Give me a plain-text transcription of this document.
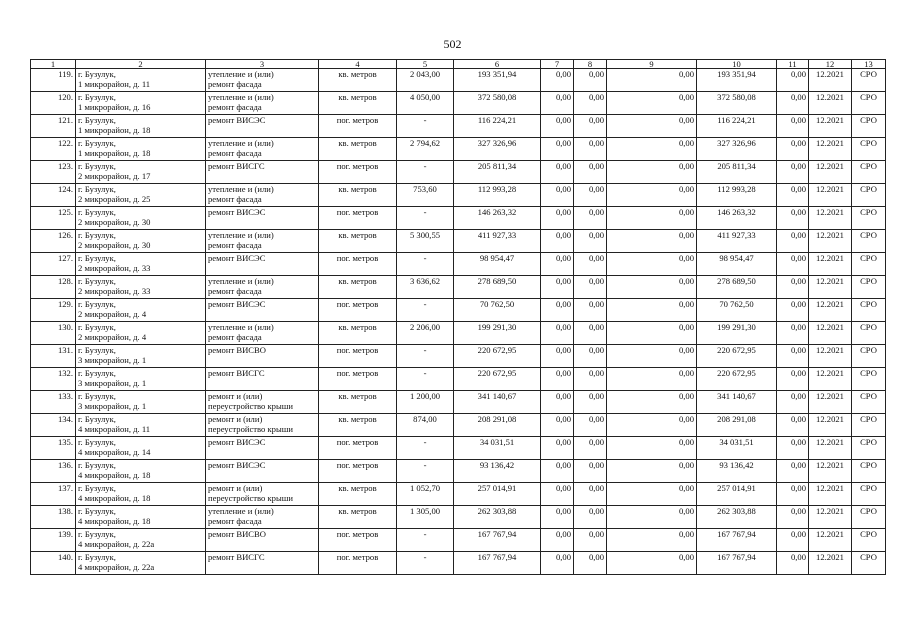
502
1	2	3	4	5	6	7	8	9	10	11	12	13
119.	г. Бузулук,
1 микрорайон, д. 11	утепление и (или)
ремонт фасада	кв. метров	2 043,00	193 351,94	0,00	0,00	0,00	193 351,94	0,00	12.2021	СРО
120.	г. Бузулук,
1 микрорайон, д. 16	утепление и (или)
ремонт фасада	кв. метров	4 050,00	372 580,08	0,00	0,00	0,00	372 580,08	0,00	12.2021	СРО
121.	г. Бузулук,
1 микрорайон, д. 18	ремонт ВИСЭС	пог. метров	-	116 224,21	0,00	0,00	0,00	116 224,21	0,00	12.2021	СРО
122.	г. Бузулук,
1 микрорайон, д. 18	утепление и (или)
ремонт фасада	кв. метров	2 794,62	327 326,96	0,00	0,00	0,00	327 326,96	0,00	12.2021	СРО
123.	г. Бузулук,
2 микрорайон, д. 17	ремонт ВИСГС	пог. метров	-	205 811,34	0,00	0,00	0,00	205 811,34	0,00	12.2021	СРО
124.	г. Бузулук,
2 микрорайон, д. 25	утепление и (или)
ремонт фасада	кв. метров	753,60	112 993,28	0,00	0,00	0,00	112 993,28	0,00	12.2021	СРО
125.	г. Бузулук,
2 микрорайон, д. 30	ремонт ВИСЭС	пог. метров	-	146 263,32	0,00	0,00	0,00	146 263,32	0,00	12.2021	СРО
126.	г. Бузулук,
2 микрорайон, д. 30	утепление и (или)
ремонт фасада	кв. метров	5 300,55	411 927,33	0,00	0,00	0,00	411 927,33	0,00	12.2021	СРО
127.	г. Бузулук,
2 микрорайон, д. 33	ремонт ВИСЭС	пог. метров	-	98 954,47	0,00	0,00	0,00	98 954,47	0,00	12.2021	СРО
128.	г. Бузулук,
2 микрорайон, д. 33	утепление и (или)
ремонт фасада	кв. метров	3 636,62	278 689,50	0,00	0,00	0,00	278 689,50	0,00	12.2021	СРО
129.	г. Бузулук,
2 микрорайон, д. 4	ремонт ВИСЭС	пог. метров	-	70 762,50	0,00	0,00	0,00	70 762,50	0,00	12.2021	СРО
130.	г. Бузулук,
2 микрорайон, д. 4	утепление и (или)
ремонт фасада	кв. метров	2 206,00	199 291,30	0,00	0,00	0,00	199 291,30	0,00	12.2021	СРО
131.	г. Бузулук,
3 микрорайон, д. 1	ремонт ВИСВО	пог. метров	-	220 672,95	0,00	0,00	0,00	220 672,95	0,00	12.2021	СРО
132.	г. Бузулук,
3 микрорайон, д. 1	ремонт ВИСГС	пог. метров	-	220 672,95	0,00	0,00	0,00	220 672,95	0,00	12.2021	СРО
133.	г. Бузулук,
3 микрорайон, д. 1	ремонт и (или)
переустройство крыши	кв. метров	1 200,00	341 140,67	0,00	0,00	0,00	341 140,67	0,00	12.2021	СРО
134.	г. Бузулук,
4 микрорайон, д. 11	ремонт и (или)
переустройство крыши	кв. метров	874,00	208 291,08	0,00	0,00	0,00	208 291,08	0,00	12.2021	СРО
135.	г. Бузулук,
4 микрорайон, д. 14	ремонт ВИСЭС	пог. метров	-	34 031,51	0,00	0,00	0,00	34 031,51	0,00	12.2021	СРО
136.	г. Бузулук,
4 микрорайон, д. 18	ремонт ВИСЭС	пог. метров	-	93 136,42	0,00	0,00	0,00	93 136,42	0,00	12.2021	СРО
137.	г. Бузулук,
4 микрорайон, д. 18	ремонт и (или)
переустройство крыши	кв. метров	1 052,70	257 014,91	0,00	0,00	0,00	257 014,91	0,00	12.2021	СРО
138.	г. Бузулук,
4 микрорайон, д. 18	утепление и (или)
ремонт фасада	кв. метров	1 305,00	262 303,88	0,00	0,00	0,00	262 303,88	0,00	12.2021	СРО
139.	г. Бузулук,
4 микрорайон, д. 22а	ремонт ВИСВО	пог. метров	-	167 767,94	0,00	0,00	0,00	167 767,94	0,00	12.2021	СРО
140.	г. Бузулук,
4 микрорайон, д. 22а	ремонт ВИСГС	пог. метров	-	167 767,94	0,00	0,00	0,00	167 767,94	0,00	12.2021	СРО
